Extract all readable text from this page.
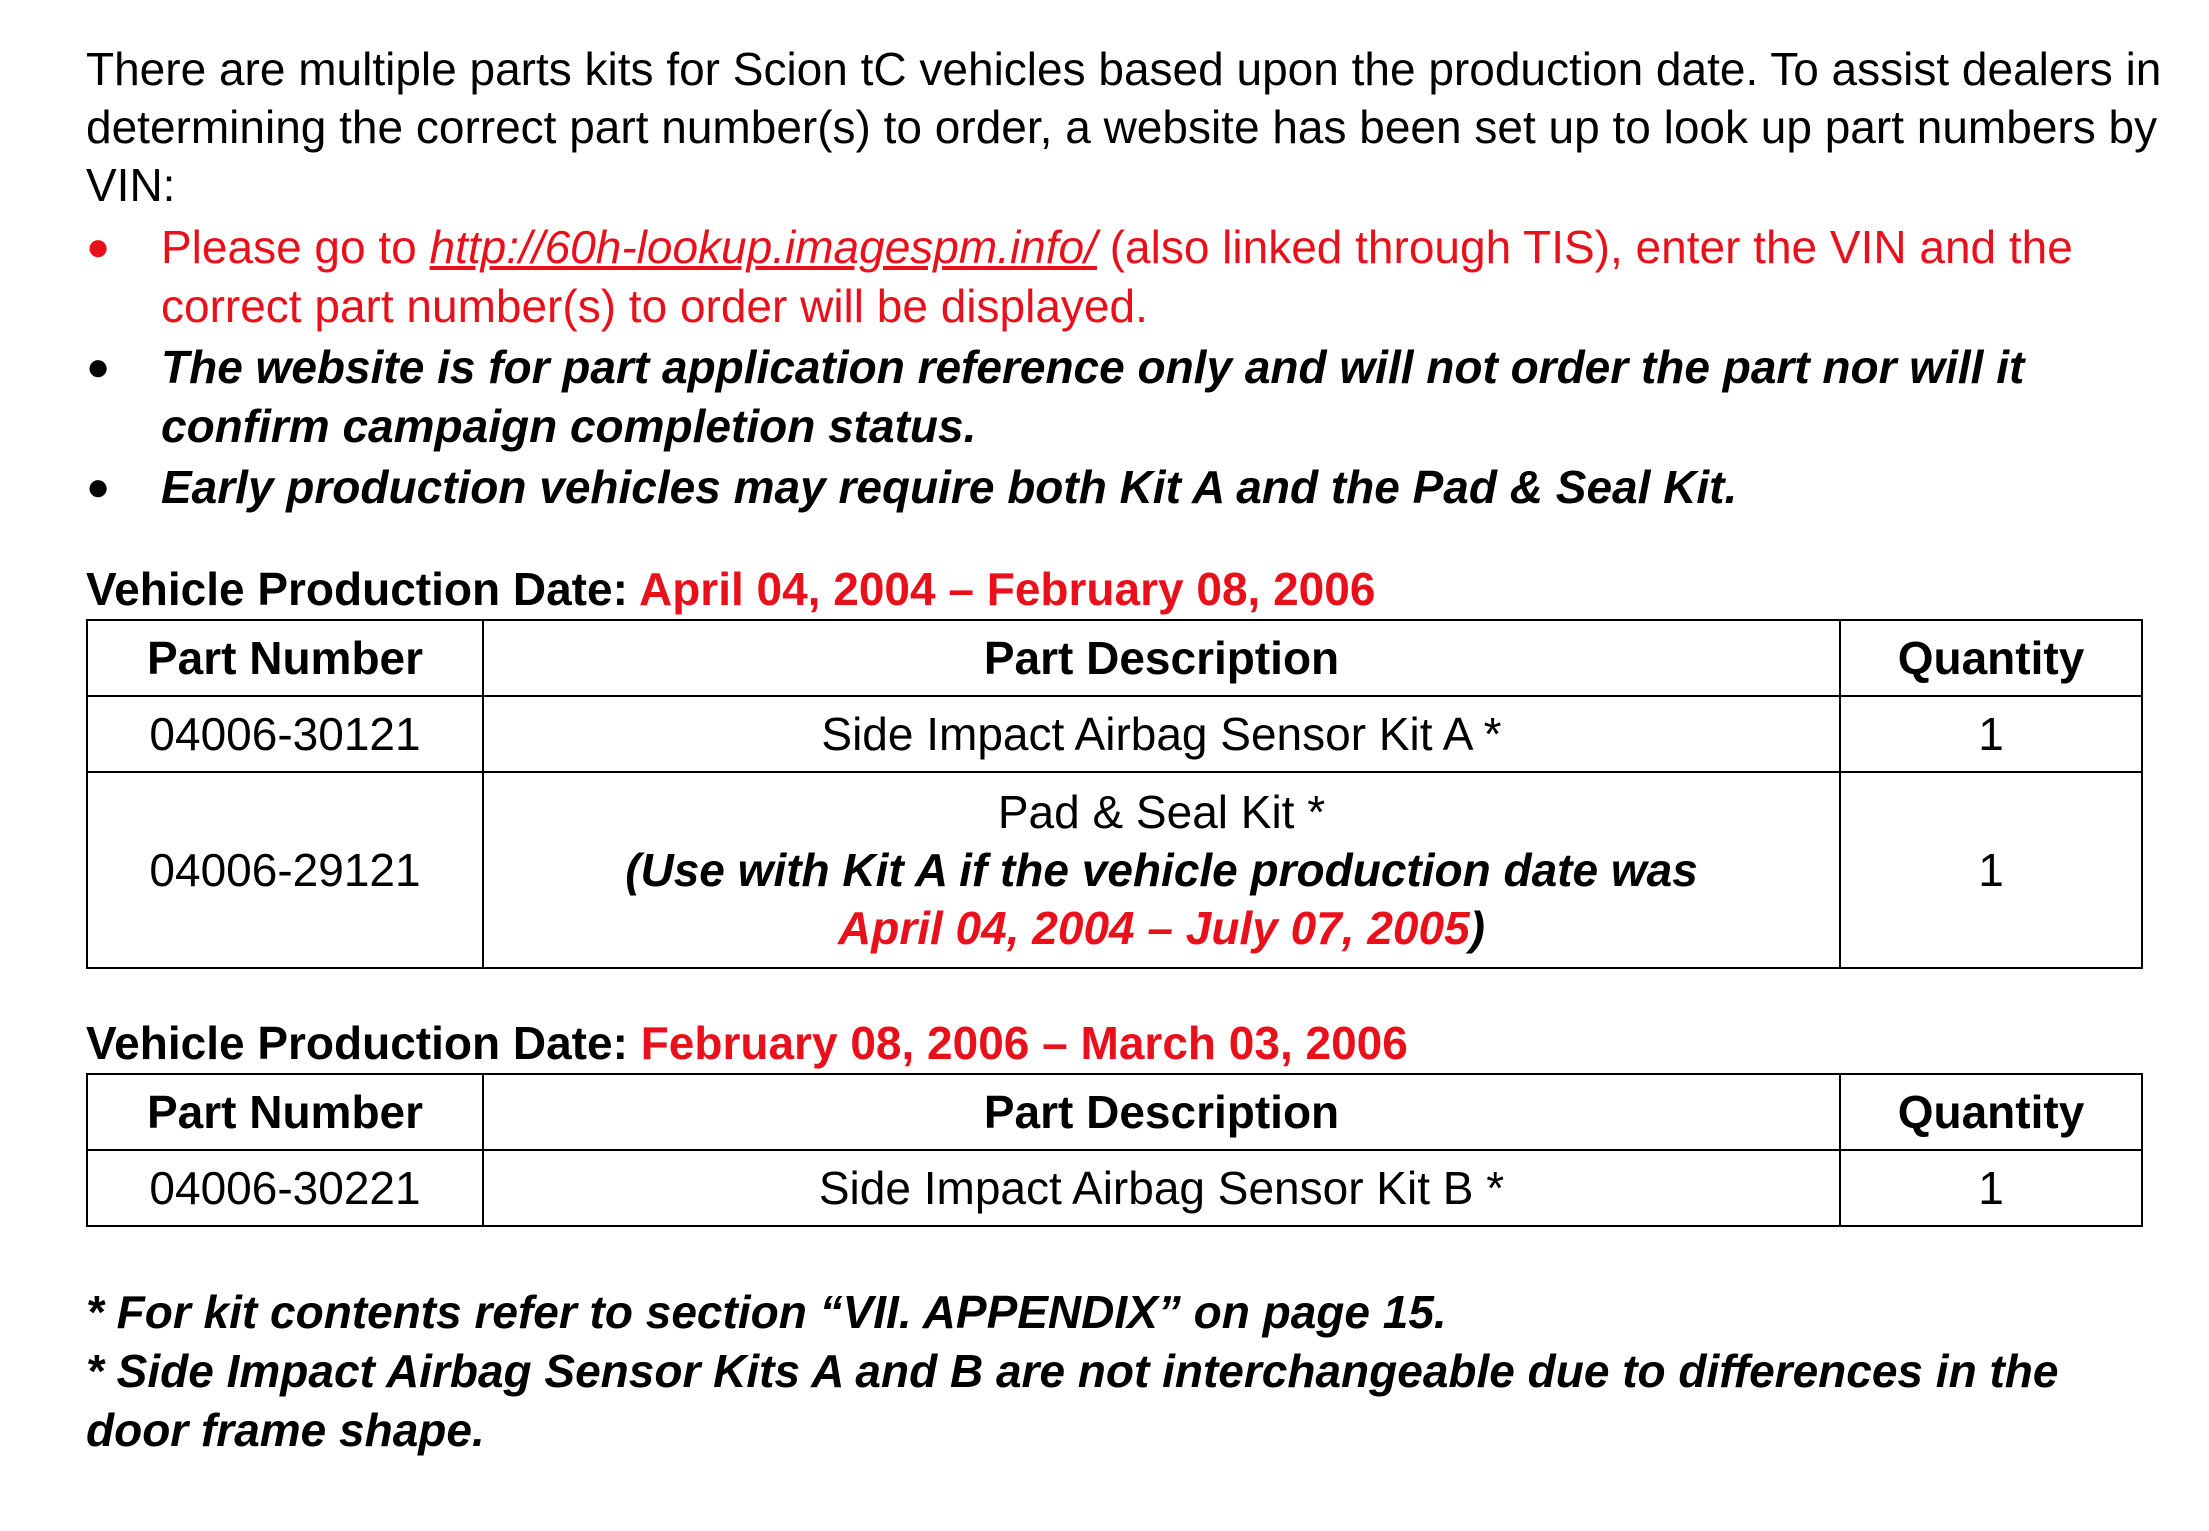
There are multiple parts kits for Scion tC vehicles based upon the production date. To assist dealers in determining the correct part number(s) to order, a website has been set up to look up part numbers by VIN:

● Please go to http://60h-lookup.imagespm.info/ (also linked through TIS), enter the VIN and the correct part number(s) to order will be displayed.
● The website is for part application reference only and will not order the part nor will it confirm campaign completion status.
● Early production vehicles may require both Kit A and the Pad & Seal Kit.

Vehicle Production Date: April 04, 2004 – February 08, 2006

Part Number	Part Description	Quantity
04006-30121	Side Impact Airbag Sensor Kit A *	1
04006-29121	Pad & Seal Kit *
(Use with Kit A if the vehicle production date was
April 04, 2004 – July 07, 2005)	1

Vehicle Production Date: February 08, 2006 – March 03, 2006

Part Number	Part Description	Quantity
04006-30221	Side Impact Airbag Sensor Kit B *	1

* For kit contents refer to section “VII. APPENDIX” on page 15.

* Side Impact Airbag Sensor Kits A and B are not interchangeable due to differences in the door frame shape.
